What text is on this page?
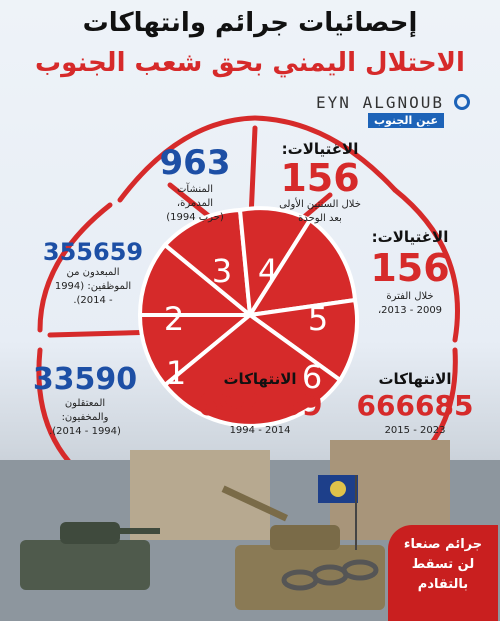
إحصائيات جرائم وانتهاكات
الاحتلال اليمني بحق شعب الجنوب
EYN ALGNOUB
عين الجنوب
1
2
3 4
5
6
963
المنشآت
المدمرة،
(حرب 1994)
الاغتيالات:
156
خلال السنتين الأولى
بعد الوحدة
الاغتيالات:
156
خلال الفترة
2009 - 2013،
355659
المبعدون من
الموظفين: (1994
- 2014).
33590
المعتقلون
والمخفيون:
(1994 - 2014).
الانتهاكات
698159
2014 - 1994
الانتهاكات
666685
2023 - 2015
جرائم صنعاء
لن تسقط
بالتقادم
